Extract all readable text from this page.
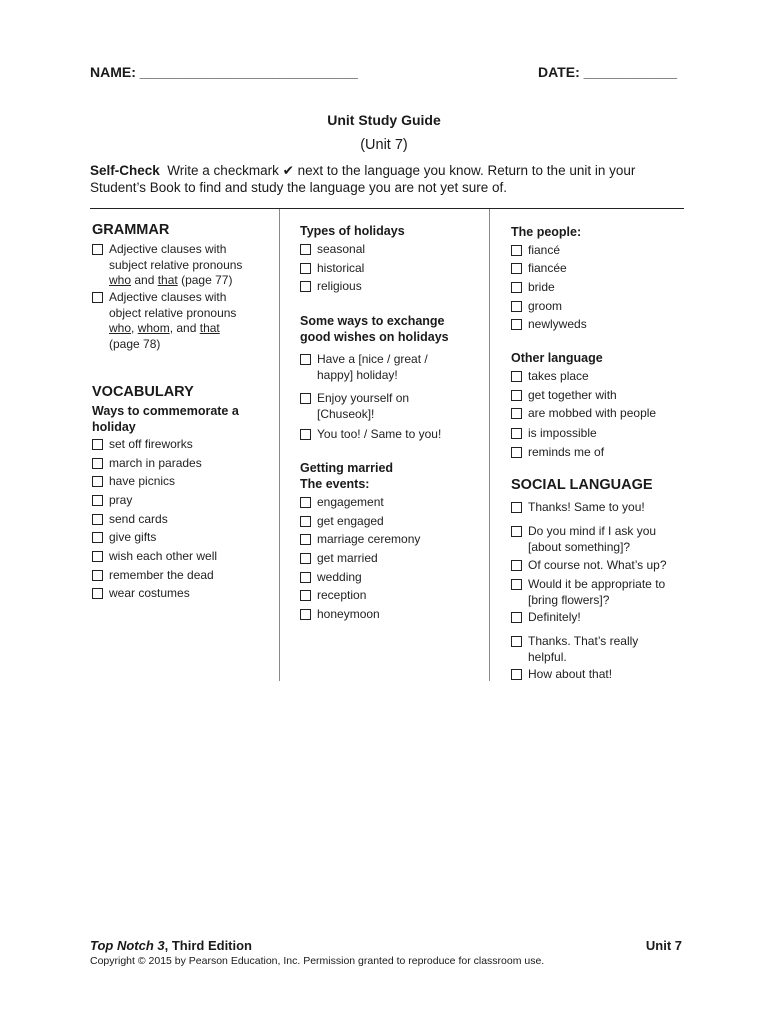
NAME: ____________________________	DATE: ____________
Unit Study Guide
(Unit 7)
Self-Check Write a checkmark ✔ next to the language you know. Return to the unit in your
Student’s Book to find and study the language you are not yet sure of.
GRAMMAR
Adjective clauses with
subject relative pronouns
who and that (page 77)
Adjective clauses with
object relative pronouns
who, whom, and that
(page 78)
VOCABULARY
Ways to commemorate a
holiday
set off fireworks
march in parades
have picnics
pray
send cards
give gifts
wish each other well
remember the dead
wear costumes
Types of holidays
seasonal
historical
religious
Some ways to exchange
good wishes on holidays
Have a [nice / great /
happy] holiday!
Enjoy yourself on
[Chuseok]!
You too! / Same to you!
Getting married
The events:
engagement
get engaged
marriage ceremony
get married
wedding
reception
honeymoon
The people:
fiancé
fiancée
bride
groom
newlyweds
Other language
takes place
get together with
are mobbed with people
is impossible
reminds me of
SOCIAL LANGUAGE
Thanks! Same to you!
Do you mind if I ask you
[about something]?
Of course not. What’s up?
Would it be appropriate to
[bring flowers]?
Definitely!
Thanks. That’s really
helpful.
How about that!
Top Notch 3, Third Edition	Unit 7
Copyright © 2015 by Pearson Education, Inc. Permission granted to reproduce for classroom use.
